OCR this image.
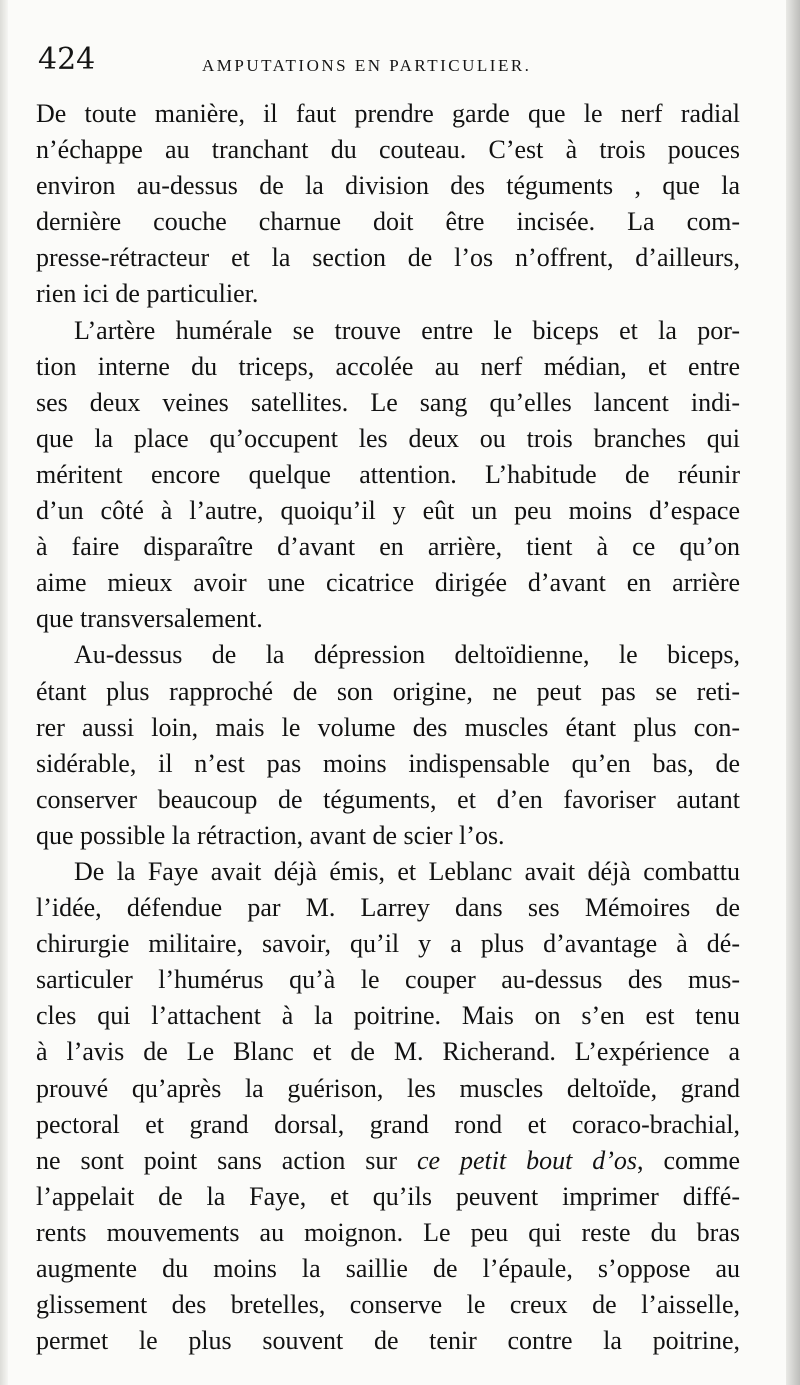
424	AMPUTATIONS EN PARTICULIER.
De toute manière, il faut prendre garde que le nerf radial
n’échappe au tranchant du couteau. C’est à trois pouces
environ au-dessus de la division des téguments , que la
dernière couche charnue doit être incisée. La com-
presse-rétracteur et la section de l’os n’offrent, d’ailleurs,
rien ici de particulier.
L’artère humérale se trouve entre le biceps et la por-
tion interne du triceps, accolée au nerf médian, et entre
ses deux veines satellites. Le sang qu’elles lancent indi-
que la place qu’occupent les deux ou trois branches qui
méritent encore quelque attention. L’habitude de réunir
d’un côté à l’autre, quoiqu’il y eût un peu moins d’espace
à faire disparaître d’avant en arrière, tient à ce qu’on
aime mieux avoir une cicatrice dirigée d’avant en arrière
que transversalement.
Au-dessus de la dépression deltoïdienne, le biceps,
étant plus rapproché de son origine, ne peut pas se reti-
rer aussi loin, mais le volume des muscles étant plus con-
sidérable, il n’est pas moins indispensable qu’en bas, de
conserver beaucoup de téguments, et d’en favoriser autant
que possible la rétraction, avant de scier l’os.
De la Faye avait déjà émis, et Leblanc avait déjà combattu
l’idée, défendue par M. Larrey dans ses Mémoires de
chirurgie militaire, savoir, qu’il y a plus d’avantage à dé-
sarticuler l’humérus qu’à le couper au-dessus des mus-
cles qui l’attachent à la poitrine. Mais on s’en est tenu
à l’avis de Le Blanc et de M. Richerand. L’expérience a
prouvé qu’après la guérison, les muscles deltoïde, grand
pectoral et grand dorsal, grand rond et coraco-brachial,
ne sont point sans action sur ce petit bout d’os, comme
l’appelait de la Faye, et qu’ils peuvent imprimer diffé-
rents mouvements au moignon. Le peu qui reste du bras
augmente du moins la saillie de l’épaule, s’oppose au
glissement des bretelles, conserve le creux de l’aisselle,
permet le plus souvent de tenir contre la poitrine,
